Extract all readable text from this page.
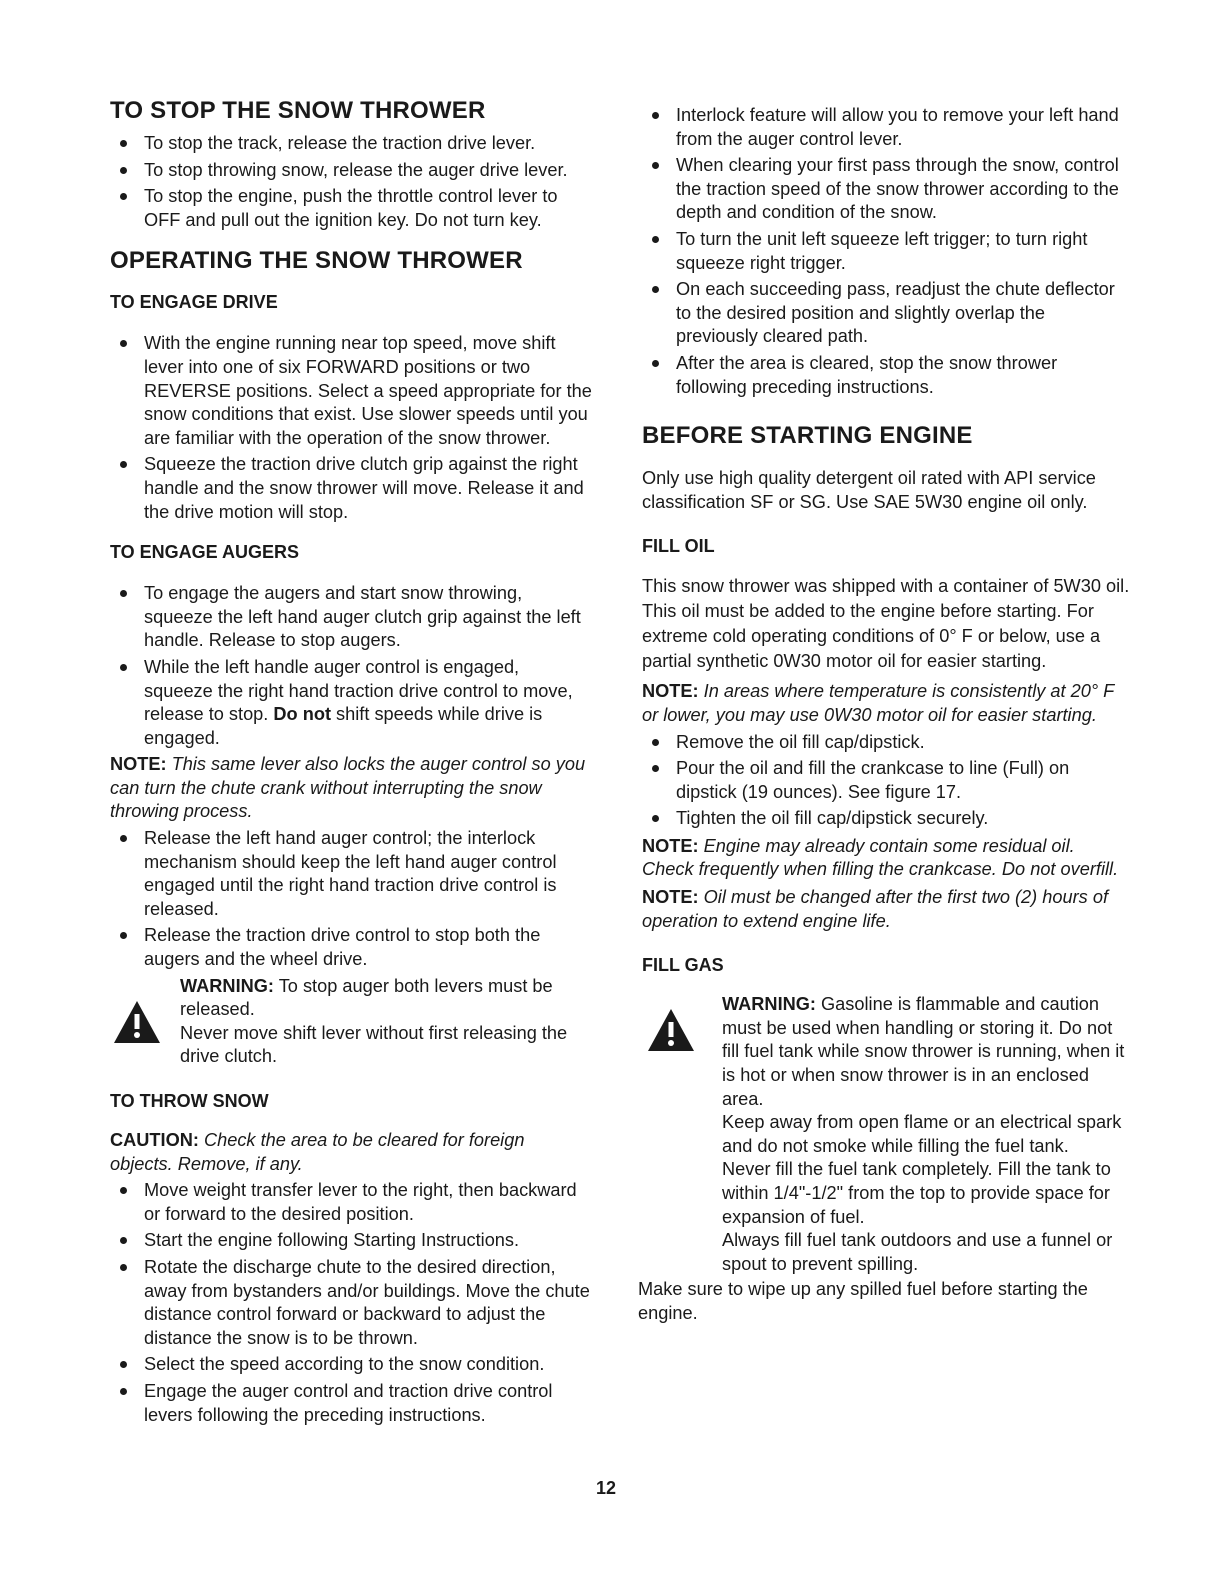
TO STOP THE SNOW THROWER
To stop the track, release the traction drive lever.
To stop throwing snow, release the auger drive lever.
To stop the engine, push the throttle control lever to OFF and pull out the ignition key. Do not turn key.
OPERATING THE SNOW THROWER
TO ENGAGE DRIVE
With the engine running near top speed, move shift lever into one of six FORWARD positions or two REVERSE positions. Select a speed appropriate for the snow conditions that exist. Use slower speeds until you are familiar with the operation of the snow thrower.
Squeeze the traction drive clutch grip against the right handle and the snow thrower will move. Release it and the drive motion will stop.
TO ENGAGE AUGERS
To engage the augers and start snow throwing, squeeze the left hand auger clutch grip against the left handle. Release to stop augers.
While the left handle auger control is engaged, squeeze the right hand traction drive control to move, release to stop. Do not shift speeds while drive is engaged.

NOTE: This same lever also locks the auger control so you can turn the chute crank without interrupting the snow throwing process.

Release the left hand auger control; the interlock mechanism should keep the left hand auger control engaged until the right hand traction drive control is released.
Release the traction drive control to stop both the augers and the wheel drive.

WARNING: To stop auger both levers must be released.

Never move shift lever without first releasing the drive clutch.

TO THROW SNOW

CAUTION: Check the area to be cleared for foreign objects. Remove, if any.

Move weight transfer lever to the right, then backward or forward to the desired position.
Start the engine following Starting Instructions.
Rotate the discharge chute to the desired direction, away from bystanders and/or buildings. Move the chute distance control forward or backward to adjust the distance the snow is to be thrown.
Select the speed according to the snow condition.
Engage the auger control and traction drive control levers following the preceding instructions.
Interlock feature will allow you to remove your left hand from the auger control lever.
When clearing your first pass through the snow, control the traction speed of the snow thrower according to the depth and condition of the snow.
To turn the unit left squeeze left trigger; to turn right squeeze right trigger.
On each succeeding pass, readjust the chute deflector to the desired position and slightly overlap the previously cleared path.
After the area is cleared, stop the snow thrower following preceding instructions.
BEFORE STARTING ENGINE

Only use high quality detergent oil rated with API service classification SF or SG. Use SAE 5W30 engine oil only.

FILL OIL

This snow thrower was shipped with a container of 5W30 oil. This oil must be added to the engine before starting. For extreme cold operating conditions of 0° F or below, use a partial synthetic 0W30 motor oil for easier starting.

NOTE: In areas where temperature is consistently at 20° F or lower, you may use 0W30 motor oil for easier starting.

Remove the oil fill cap/dipstick.
Pour the oil and fill the crankcase to line (Full) on dipstick (19 ounces). See figure 17.
Tighten the oil fill cap/dipstick securely.

NOTE: Engine may already contain some residual oil. Check frequently when filling the crankcase. Do not overfill.

NOTE: Oil must be changed after the first two (2) hours of operation to extend engine life.

FILL GAS

WARNING: Gasoline is flammable and caution must be used when handling or storing it. Do not fill fuel tank while snow thrower is running, when it is hot or when snow thrower is in an enclosed area.

Keep away from open flame or an electrical spark and do not smoke while filling the fuel tank.

Never fill the fuel tank completely. Fill the tank to within 1/4"-1/2" from the top to provide space for expansion of fuel.

Always fill fuel tank outdoors and use a funnel or spout to prevent spilling.

Make sure to wipe up any spilled fuel before starting the engine.

12
